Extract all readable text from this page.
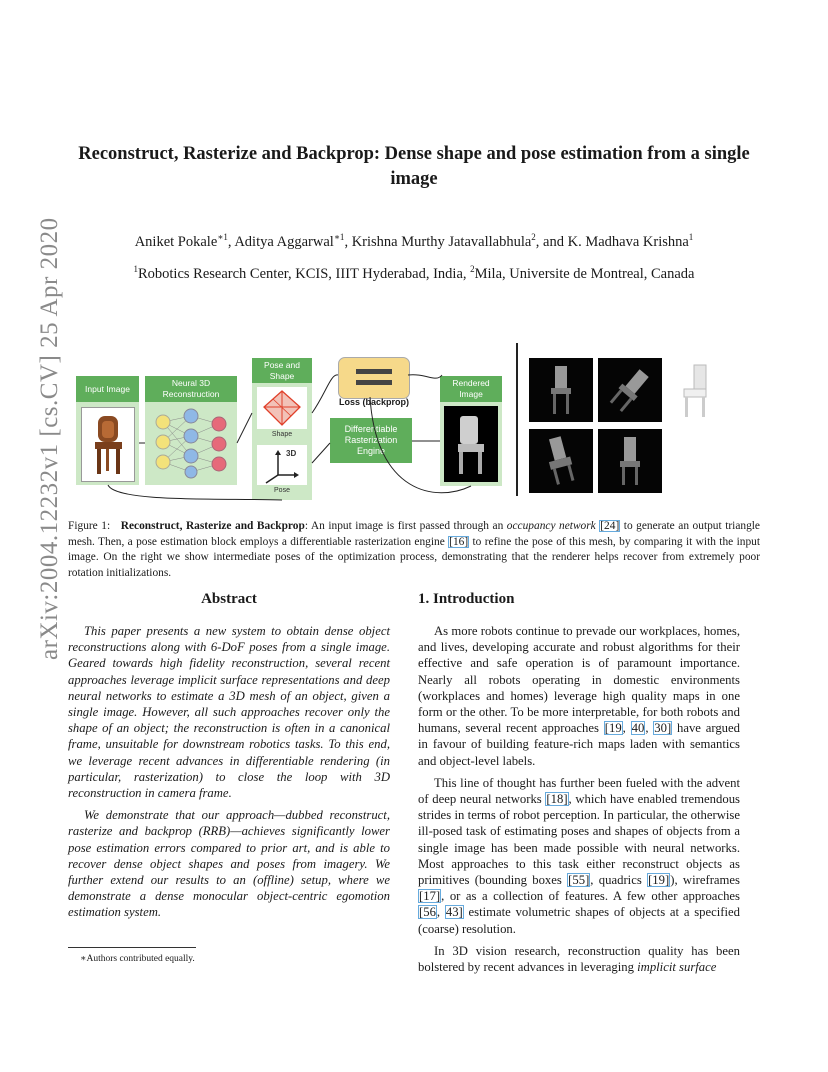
arXiv:2004.12232v1 [cs.CV] 25 Apr 2020
Reconstruct, Rasterize and Backprop: Dense shape and pose estimation from a single image
Aniket Pokale$^{∗1}$, Aditya Aggarwal$^{∗1}$, Krishna Murthy Jatavallabhula$^2$, and K. Madhava Krishna$^1$
$^1$Robotics Research Center, KCIS, IIIT Hyderabad, India, $^2$Mila, Universite de Montreal, Canada
Input Image
Neural 3D Reconstruction
Pose and Shape
Shape
3D
Pose
Loss (backprop)
Differentiable Rasterization Engine
Rendered Image
Figure 1: Reconstruct, Rasterize and Backprop: An input image is first passed through an occupancy network [24] to generate an output triangle mesh. Then, a pose estimation block employs a differentiable rasterization engine [16] to refine the pose of this mesh, by comparing it with the input image. On the right we show intermediate poses of the optimization process, demonstrating that the renderer helps recover from extremely poor rotation initializations.
Abstract

This paper presents a new system to obtain dense object reconstructions along with 6-DoF poses from a single image. Geared towards high fidelity reconstruction, several recent approaches leverage implicit surface representations and deep neural networks to estimate a 3D mesh of an object, given a single image. However, all such approaches recover only the shape of an object; the reconstruction is often in a canonical frame, unsuitable for downstream robotics tasks. To this end, we leverage recent advances in differentiable rendering (in particular, rasterization) to close the loop with 3D reconstruction in camera frame.

We demonstrate that our approach—dubbed reconstruct, rasterize and backprop (RRB)—achieves significantly lower pose estimation errors compared to prior art, and is able to recover dense object shapes and poses from imagery. We further extend our results to an (offline) setup, where we demonstrate a dense monocular object-centric egomotion estimation system.

1. Introduction

As more robots continue to prevade our workplaces, homes, and lives, developing accurate and robust algorithms for their effective and safe operation is of paramount importance. Nearly all robots operating in domestic environments (workplaces and homes) leverage high quality maps in one form or the other. To be more interpretable, for both robots and humans, several recent approaches [19, 40, 30] have argued in favour of building feature-rich maps laden with semantics and object-level labels.

This line of thought has further been fueled with the advent of deep neural networks [18], which have enabled tremendous strides in terms of robot perception. In particular, the otherwise ill-posed task of estimating poses and shapes of objects from a single image has been made possible with neural networks. Most approaches to this task either reconstruct objects as primitives (bounding boxes [55], quadrics [19]), wireframes [17], or as a collection of features. A few other approaches [56, 43] estimate volumetric shapes of objects at a specified (coarse) resolution.

In 3D vision research, reconstruction quality has been bolstered by recent advances in leveraging implicit surface

∗Authors contributed equally.
